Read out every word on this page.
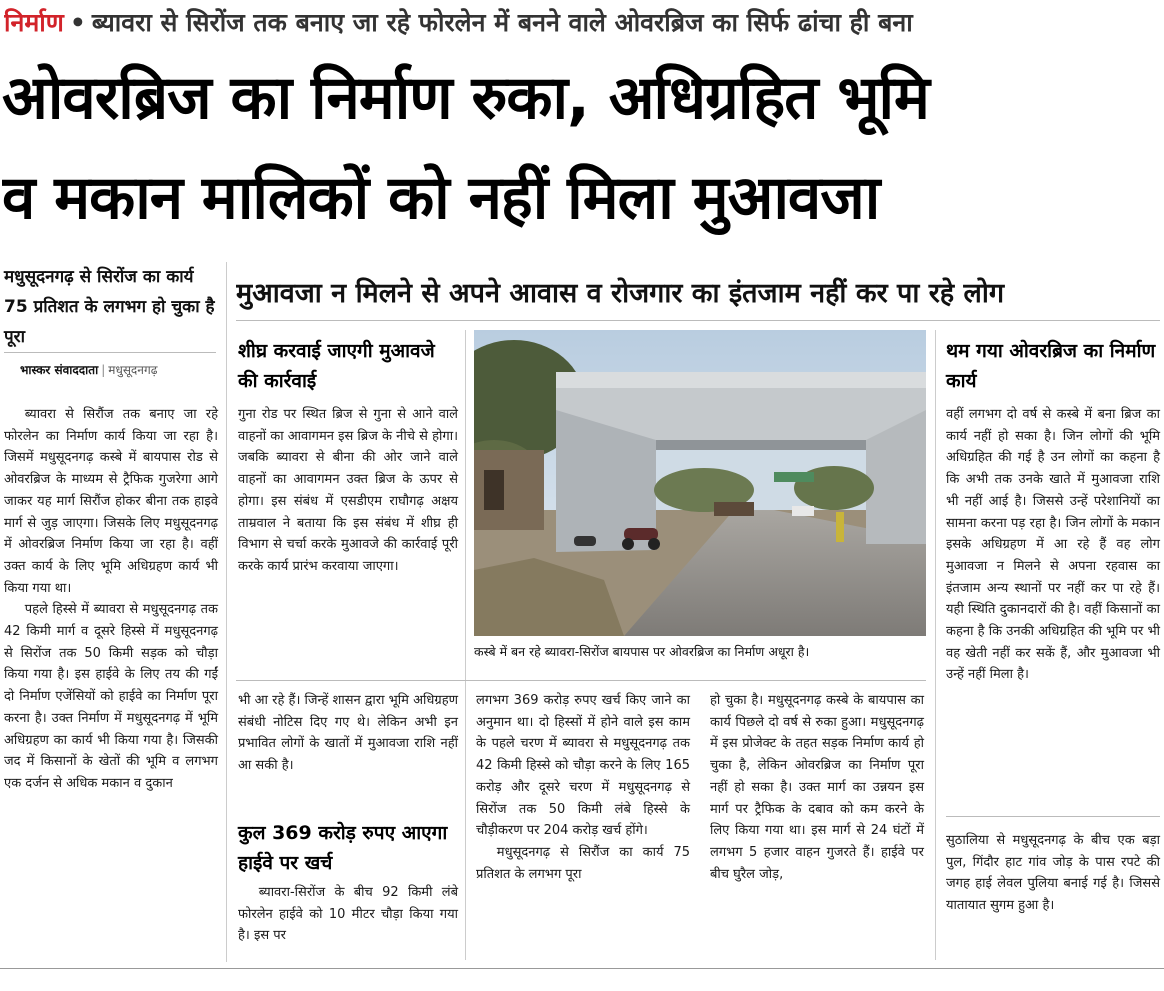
निर्माण • ब्यावरा से सिरोंज तक बनाए जा रहे फोरलेन में बनने वाले ओवरब्रिज का सिर्फ ढांचा ही बना
ओवरब्रिज का निर्माण रुका, अधिग्रहित भूमि
व मकान मालिकों को नहीं मिला मुआवजा
मधुसूदनगढ़ से सिरोंज का कार्य 75 प्रतिशत के लगभग हो चुका है पूरा
भास्कर संवाददाता | मधुसूदनगढ़
मुआवजा न मिलने से अपने आवास व रोजगार का इंतजाम नहीं कर पा रहे लोग

ब्यावरा से सिरौंज तक बनाए जा रहे फोरलेन का निर्माण कार्य किया जा रहा है। जिसमें मधुसूदनगढ़ कस्बे में बायपास रोड से ओवरब्रिज के माध्यम से ट्रैफिक गुजरेगा आगे जाकर यह मार्ग सिरौंज होकर बीना तक हाइवे मार्ग से जुड़ जाएगा। जिसके लिए मधुसूदनगढ़ में ओवरब्रिज निर्माण किया जा रहा है। वहीं उक्त कार्य के लिए भूमि अधिग्रहण कार्य भी किया गया था।

पहले हिस्से में ब्यावरा से मधुसूदनगढ़ तक 42 किमी मार्ग व दूसरे हिस्से में मधुसूदनगढ़ से सिरोंज तक 50 किमी सड़क को चौड़ा किया गया है। इस हाईवे के लिए तय की गईं दो निर्माण एजेंसियों को हाईवे का निर्माण पूरा करना है। उक्त निर्माण में मधुसूदनगढ़ में भूमि अधिग्रहण का कार्य भी किया गया है। जिसकी जद में किसानों के खेतों की भूमि व लगभग एक दर्जन से अधिक मकान व दुकान

शीघ्र करवाई जाएगी मुआवजे की कार्रवाई

गुना रोड पर स्थित ब्रिज से गुना से आने वाले वाहनों का आवागमन इस ब्रिज के नीचे से होगा। जबकि ब्यावरा से बीना की ओर जाने वाले वाहनों का आवागमन उक्त ब्रिज के ऊपर से होगा। इस संबंध में एसडीएम राघौगढ़ अक्षय ताम्रवाल ने बताया कि इस संबंध में शीघ्र ही विभाग से चर्चा करके मुआवजे की कार्रवाई पूरी करके कार्य प्रारंभ करवाया जाएगा।

भी आ रहे हैं। जिन्हें शासन द्वारा भूमि अधिग्रहण संबंधी नोटिस दिए गए थे। लेकिन अभी इन प्रभावित लोगों के खातों में मुआवजा राशि नहीं आ सकी है।

कुल 369 करोड़ रुपए आएगा हाईवे पर खर्च

ब्यावरा-सिरोंज के बीच 92 किमी लंबे फोरलेन हाईवे को 10 मीटर चौड़ा किया गया है। इस पर

कस्बे में बन रहे ब्यावरा-सिरोंज बायपास पर ओवरब्रिज का निर्माण अधूरा है।

लगभग 369 करोड़ रुपए खर्च किए जाने का अनुमान था। दो हिस्सों में होने वाले इस काम के पहले चरण में ब्यावरा से मधुसूदनगढ़ तक 42 किमी हिस्से को चौड़ा करने के लिए 165 करोड़ और दूसरे चरण में मधुसूदनगढ़ से सिरोंज तक 50 किमी लंबे हिस्से के चौड़ीकरण पर 204 करोड़ खर्च होंगे।

मधुसूदनगढ़ से सिरौंज का कार्य 75 प्रतिशत के लगभग पूरा

हो चुका है। मधुसूदनगढ़ कस्बे के बायपास का कार्य पिछले दो वर्ष से रुका हुआ। मधुसूदनगढ़ में इस प्रोजेक्ट के तहत सड़क निर्माण कार्य हो चुका है, लेकिन ओवरब्रिज का निर्माण पूरा नहीं हो सका है। उक्त मार्ग का उन्नयन इस मार्ग पर ट्रैफिक के दबाव को कम करने के लिए किया गया था। इस मार्ग से 24 घंटों में लगभग 5 हजार वाहन गुजरते हैं। हाईवे पर बीच घुरैल जोड़,

थम गया ओवरब्रिज का निर्माण कार्य

वहीं लगभग दो वर्ष से कस्बे में बना ब्रिज का कार्य नहीं हो सका है। जिन लोगों की भूमि अधिग्रहित की गई है उन लोगों का कहना है कि अभी तक उनके खाते में मुआवजा राशि भी नहीं आई है। जिससे उन्हें परेशानियों का सामना करना पड़ रहा है। जिन लोगों के मकान इसके अधिग्रहण में आ रहे हैं वह लोग मुआवजा न मिलने से अपना रहवास का इंतजाम अन्य स्थानों पर नहीं कर पा रहे हैं। यही स्थिति दुकानदारों की है। वहीं किसानों का कहना है कि उनकी अधिग्रहित की भूमि पर भी वह खेती नहीं कर सकें हैं, और मुआवजा भी उन्हें नहीं मिला है।

सुठालिया से मधुसूदनगढ़ के बीच एक बड़ा पुल, गिंदौर हाट गांव जोड़ के पास रपटे की जगह हाई लेवल पुलिया बनाई गई है। जिससे यातायात सुगम हुआ है।
